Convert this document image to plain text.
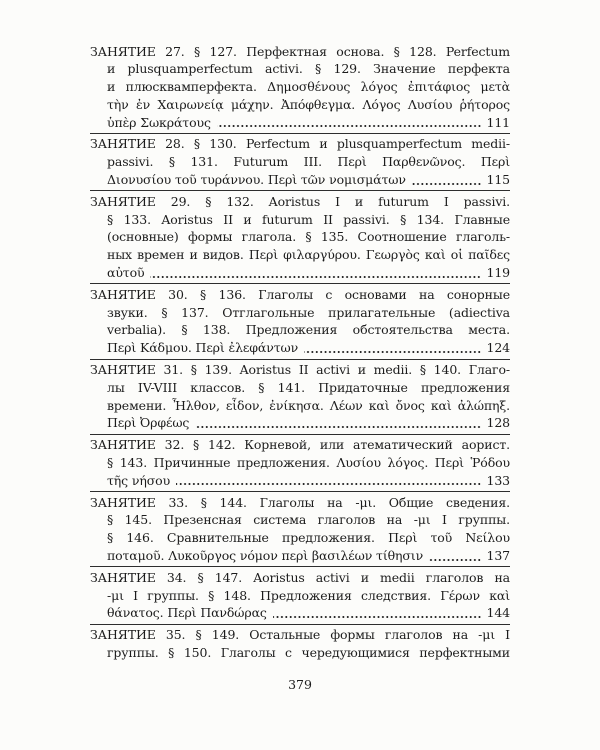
ЗАНЯТИЕ 27. § 127. Перфектная основа. § 128. Perfectum
и plusquamperfectum activi. § 129. Значение перфекта
и плюсквамперфекта. Δημοσθένους λόγος ἐπιτάφιος μετὰ
τὴν ἐν Χαιρωνείᾳ μάχην. Ἀπόφθεγμα. Λόγος Λυσίου ῥήτορος
ὑπὲρ Σωκράτους	111
ЗАНЯТИЕ 28. § 130. Perfectum и plusquamperfectum medii-
passivi. § 131. Futurum III. Περὶ Παρθενῶνος. Περὶ
Διονυσίου τοῦ τυράννου. Περὶ τῶν νομισμάτων	115
ЗАНЯТИЕ 29. § 132. Aoristus I и futurum I passivi.
§ 133. Aoristus II и futurum II passivi. § 134. Главные
(основные) формы глагола. § 135. Соотношение глаголь-
ных времен и видов. Περὶ φιλαργύρου. Γεωργὸς καὶ οἱ παῖδες
αὐτοῦ	119
ЗАНЯТИЕ 30. § 136. Глаголы с основами на сонорные
звуки. § 137. Отглагольные прилагательные (adiectiva
verbalia). § 138. Предложения обстоятельства места.
Περὶ Κάδμου. Περὶ ἐλεφάντων	124
ЗАНЯТИЕ 31. § 139. Aoristus II activi и medii. § 140. Глаго-
лы IV-VIII классов. § 141. Придаточные предложения
времени. Ἦλθον, εἶδον, ἐνίκησα. Λέων καὶ ὄνος καὶ ἀλώπηξ.
Περὶ Ὀρφέως	128
ЗАНЯТИЕ 32. § 142. Корневой, или атематический аорист.
§ 143. Причинные предложения. Λυσίου λόγος. Περὶ Ῥόδου
τῆς νήσου	133
ЗАНЯТИЕ 33. § 144. Глаголы на -μι. Общие сведения.
§ 145. Презенсная система глаголов на -μι I группы.
§ 146. Сравнительные предложения. Περὶ τοῦ Νείλου
ποταμοῦ. Λυκοῦργος νόμον περὶ βασιλέων τίθησιν	137
ЗАНЯТИЕ 34. § 147. Aoristus activi и medii глаголов на
-μι I группы. § 148. Предложения следствия. Γέρων καὶ
θάνατος. Περὶ Πανδώρας	144
ЗАНЯТИЕ 35. § 149. Остальные формы глаголов на -μι I
группы. § 150. Глаголы с чередующимися перфектными
379
